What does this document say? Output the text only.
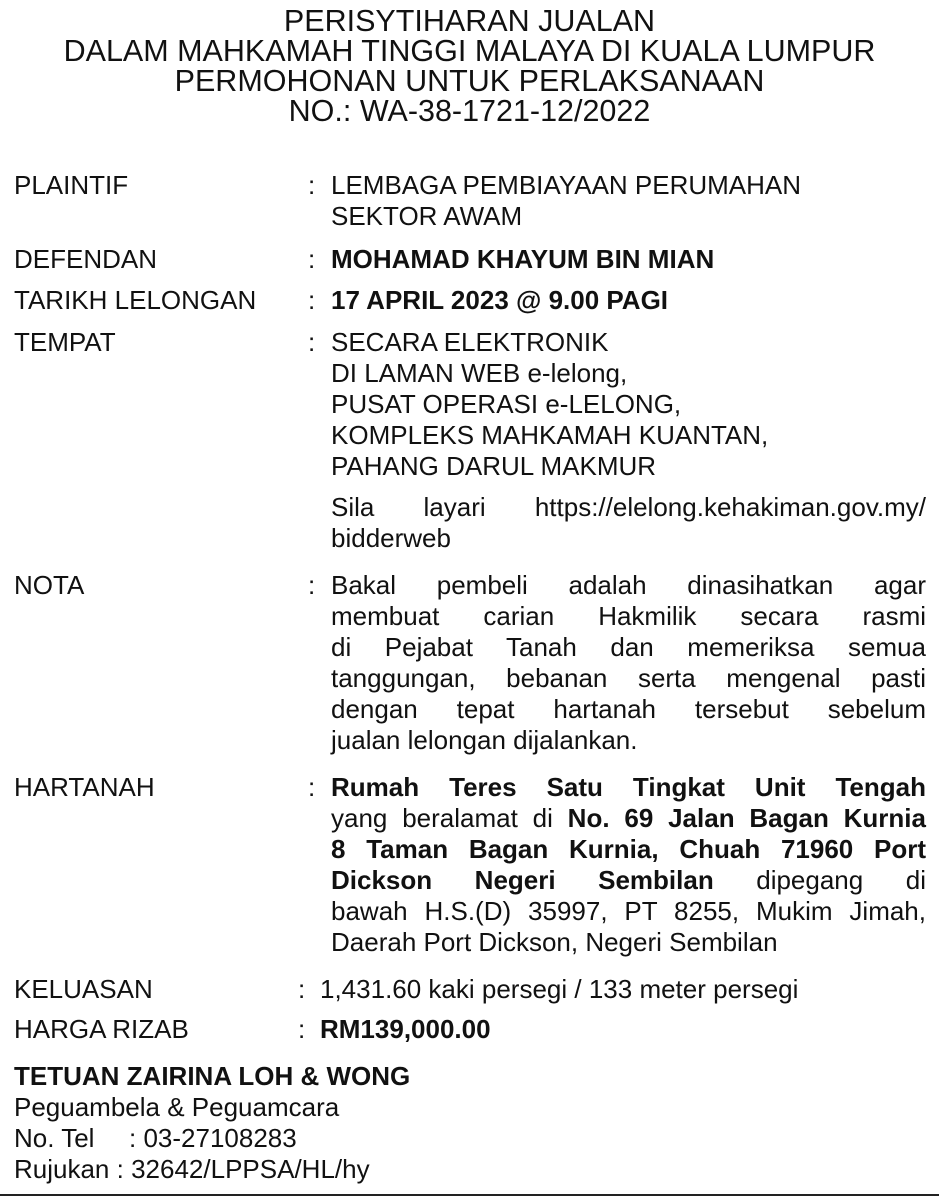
PERISYTIHARAN JUALAN
DALAM MAHKAMAH TINGGI MALAYA DI KUALA LUMPUR
PERMOHONAN UNTUK PERLAKSANAAN
NO.: WA-38-1721-12/2022
PLAINTIF	: LEMBAGA PEMBIAYAAN PERUMAHAN
SEKTOR AWAM
DEFENDAN	: MOHAMAD KHAYUM BIN MIAN
TARIKH LELONGAN : 17 APRIL 2023 @ 9.00 PAGI
TEMPAT	: SECARA ELEKTRONIK
DI LAMAN WEB e-lelong,
PUSAT OPERASI e-LELONG,
KOMPLEKS MAHKAMAH KUANTAN,
PAHANG DARUL MAKMUR
Sila layari https://elelong.kehakiman.gov.my/
bidderweb
NOTA	: Bakal pembeli adalah dinasihatkan agar
membuat carian Hakmilik secara rasmi
di Pejabat Tanah dan memeriksa semua
tanggungan, bebanan serta mengenal pasti
dengan tepat hartanah tersebut sebelum
jualan lelongan dijalankan.
HARTANAH	: Rumah Teres Satu Tingkat Unit Tengah
yang beralamat di No. 69 Jalan Bagan Kurnia
8 Taman Bagan Kurnia, Chuah 71960 Port
Dickson Negeri Sembilan dipegang di
bawah H.S.(D) 35997, PT 8255, Mukim Jimah,
Daerah Port Dickson, Negeri Sembilan
KELUASAN	: 1,431.60 kaki persegi / 133 meter persegi
HARGA RIZAB	: RM139,000.00
TETUAN ZAIRINA LOH & WONG
Peguambela & Peguamcara
No. Tel : 03-27108283
Rujukan : 32642/LPPSA/HL/hy
